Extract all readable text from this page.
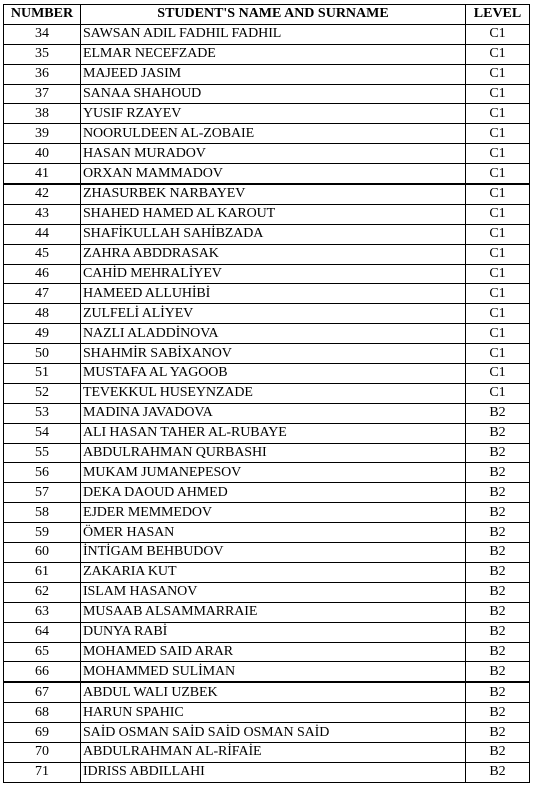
NUMBER	STUDENT'S NAME AND SURNAME	LEVEL
34	SAWSAN ADIL FADHIL FADHIL	C1
35	ELMAR NECEFZADE	C1
36	MAJEED JASIM	C1
37	SANAA SHAHOUD	C1
38	YUSIF RZAYEV	C1
39	NOORULDEEN AL-ZOBAIE	C1
40	HASAN MURADOV	C1
41	ORXAN MAMMADOV	C1
42	ZHASURBEK NARBAYEV	C1
43	SHAHED HAMED AL KAROUT	C1
44	SHAFİKULLAH SAHİBZADA	C1
45	ZAHRA ABDDRASAK	C1
46	CAHİD MEHRALİYEV	C1
47	HAMEED ALLUHİBİ	C1
48	ZULFELİ ALİYEV	C1
49	NAZLI ALADDİNOVA	C1
50	SHAHMİR SABİXANOV	C1
51	MUSTAFA AL YAGOOB	C1
52	TEVEKKUL HUSEYNZADE	C1
53	MADINA JAVADOVA	B2
54	ALI HASAN TAHER AL-RUBAYE	B2
55	ABDULRAHMAN QURBASHI	B2
56	MUKAM JUMANEPESOV	B2
57	DEKA DAOUD AHMED	B2
58	EJDER MEMMEDOV	B2
59	ÖMER HASAN	B2
60	İNTİGAM BEHBUDOV	B2
61	ZAKARIA KUT	B2
62	ISLAM HASANOV	B2
63	MUSAAB ALSAMMARRAIE	B2
64	DUNYA RABİ	B2
65	MOHAMED SAID ARAR	B2
66	MOHAMMED SULİMAN	B2
67	ABDUL WALI UZBEK	B2
68	HARUN SPAHIC	B2
69	SAİD OSMAN SAİD SAİD OSMAN SAİD	B2
70	ABDULRAHMAN AL-RİFAİE	B2
71	IDRISS ABDILLAHI	B2
